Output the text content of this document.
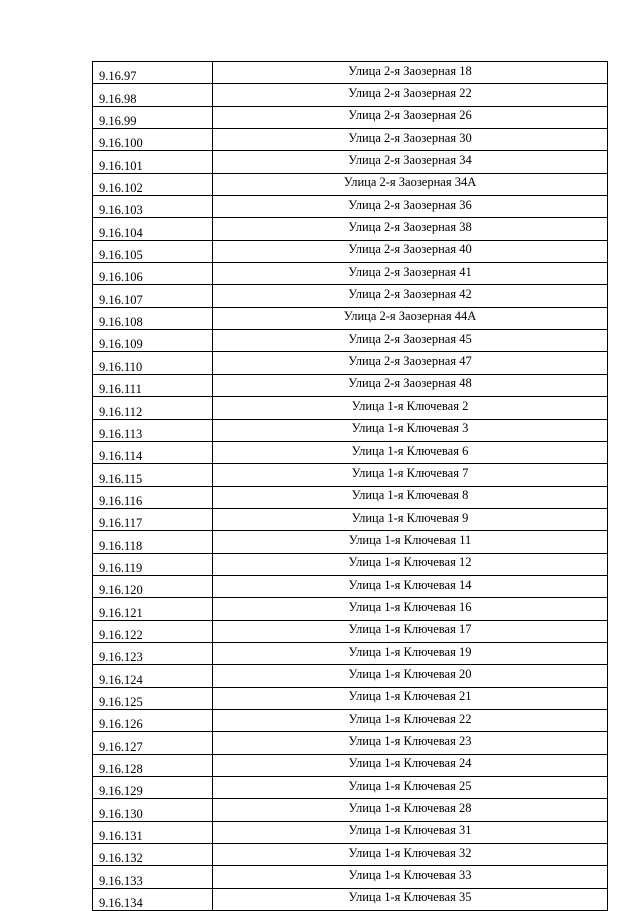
9.16.97	Улица 2-я Заозерная 18
9.16.98	Улица 2-я Заозерная 22
9.16.99	Улица 2-я Заозерная 26
9.16.100	Улица 2-я Заозерная 30
9.16.101	Улица 2-я Заозерная 34
9.16.102	Улица 2-я Заозерная 34А
9.16.103	Улица 2-я Заозерная 36
9.16.104	Улица 2-я Заозерная 38
9.16.105	Улица 2-я Заозерная 40
9.16.106	Улица 2-я Заозерная 41
9.16.107	Улица 2-я Заозерная 42
9.16.108	Улица 2-я Заозерная 44А
9.16.109	Улица 2-я Заозерная 45
9.16.110	Улица 2-я Заозерная 47
9.16.111	Улица 2-я Заозерная 48
9.16.112	Улица 1-я Ключевая 2
9.16.113	Улица 1-я Ключевая 3
9.16.114	Улица 1-я Ключевая 6
9.16.115	Улица 1-я Ключевая 7
9.16.116	Улица 1-я Ключевая 8
9.16.117	Улица 1-я Ключевая 9
9.16.118	Улица 1-я Ключевая 11
9.16.119	Улица 1-я Ключевая 12
9.16.120	Улица 1-я Ключевая 14
9.16.121	Улица 1-я Ключевая 16
9.16.122	Улица 1-я Ключевая 17
9.16.123	Улица 1-я Ключевая 19
9.16.124	Улица 1-я Ключевая 20
9.16.125	Улица 1-я Ключевая 21
9.16.126	Улица 1-я Ключевая 22
9.16.127	Улица 1-я Ключевая 23
9.16.128	Улица 1-я Ключевая 24
9.16.129	Улица 1-я Ключевая 25
9.16.130	Улица 1-я Ключевая 28
9.16.131	Улица 1-я Ключевая 31
9.16.132	Улица 1-я Ключевая 32
9.16.133	Улица 1-я Ключевая 33
9.16.134	Улица 1-я Ключевая 35
